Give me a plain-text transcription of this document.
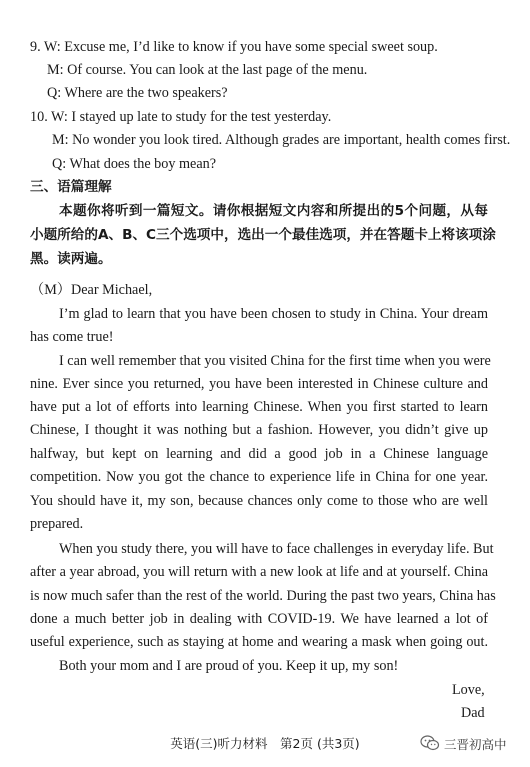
9. W: Excuse me, I’d like to know if you have some special sweet soup.
M: Of course. You can look at the last page of the menu.
Q: Where are the two speakers?
10. W: I stayed up late to study for the test yesterday.
M: No wonder you look tired. Although grades are important, health comes first.
Q: What does the boy mean?
三、语篇理解
本题你将听到一篇短文。请你根据短文内容和所提出的5个问题，从每
小题所给的A、B、C三个选项中，选出一个最佳选项，并在答题卡上将该项涂
黑。读两遍。
（M）Dear Michael,
I’m glad to learn that you have been chosen to study in China. Your dream
has come true!
I can well remember that you visited China for the first time when you were
nine. Ever since you returned, you have been interested in Chinese culture and
have put a lot of efforts into learning Chinese. When you first started to learn
Chinese, I thought it was nothing but a fashion. However, you didn’t give up
halfway, but kept on learning and did a good job in a Chinese language
competition. Now you got the chance to experience life in China for one year.
You should have it, my son, because chances only come to those who are well
prepared.
When you study there, you will have to face challenges in everyday life. But
after a year abroad, you will return with a new look at life and at yourself. China
is now much safer than the rest of the world. During the past two years, China has
done a much better job in dealing with COVID-19. We have learned a lot of
useful experience, such as staying at home and wearing a mask when going out.
Both your mom and I are proud of you. Keep it up, my son!
Love,
Dad
英语(三)听力材料　第2页 (共3页)	三晋初高中
